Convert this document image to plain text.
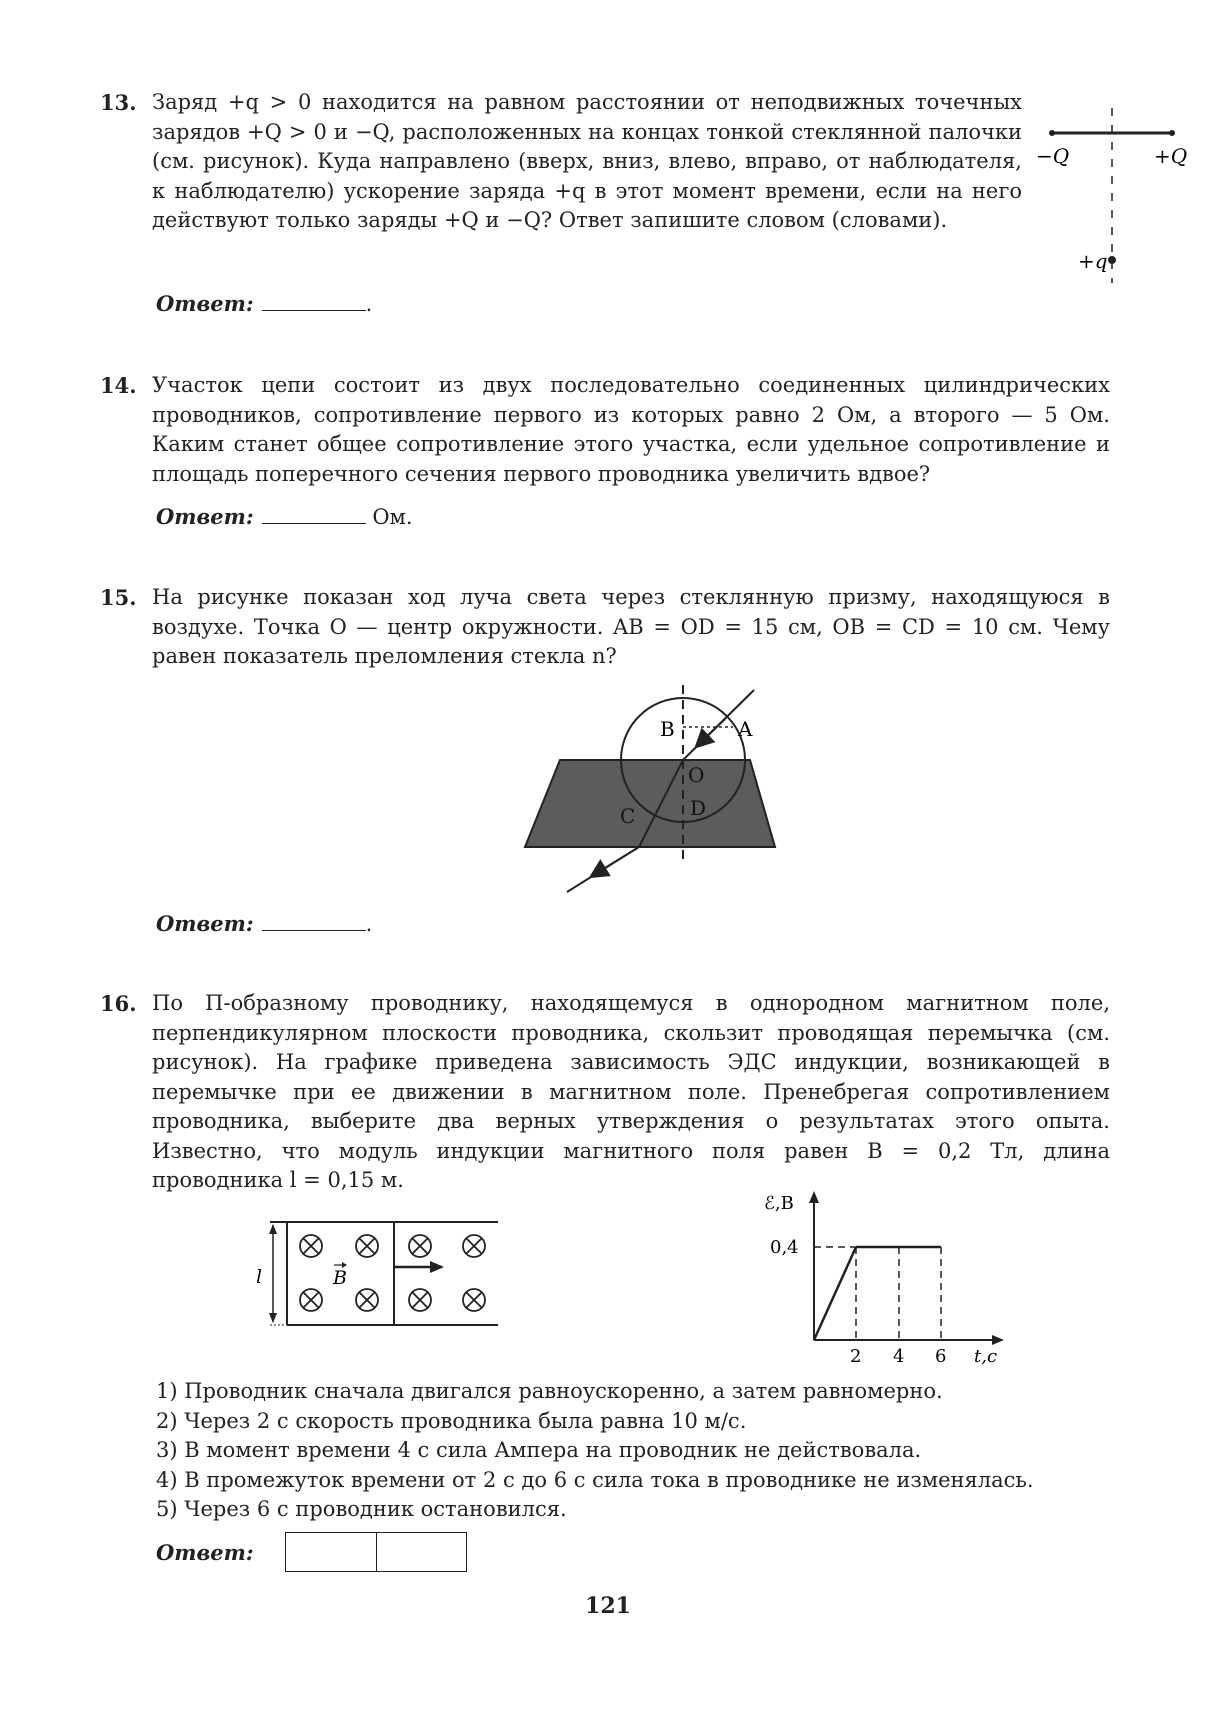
13. Заряд +q > 0 находится на равном расстоянии от неподвижных точечных зарядов +Q > 0 и −Q, расположенных на концах тонкой стеклянной палочки (см. рисунок). Куда направлено (вверх, вниз, влево, вправо, от наблюдателя, к наблюдателю) ускорение заряда +q в этот момент времени, если на него действуют только заряды +Q и −Q? Ответ запишите словом (словами).
−Q	+Q
+q
Ответ:	.
14. Участок цепи состоит из двух последовательно соединенных цилиндрических проводников, сопротивление первого из которых равно 2 Ом, а второго — 5 Ом. Каким станет общее сопротивление этого участка, если удельное сопротивление и площадь поперечного сечения первого проводника увеличить вдвое?
Ответ:	Ом.
15. На рисунке показан ход луча света через стеклянную призму, находящуюся в воздухе. Точка O — центр окружности. AB = OD = 15 см, OB = CD = 10 см. Чему равен показатель преломления стекла n?
B	A
O
C	D
Ответ:	.
16. По П-образному проводнику, находящемуся в однородном магнитном поле, перпендикулярном плоскости проводника, скользит проводящая перемычка (см. рисунок). На графике приведена зависимость ЭДС индукции, возникающей в перемычке при ее движении в магнитном поле. Пренебрегая сопротивлением проводника, выберите два верных утверждения о результатах этого опыта. Известно, что модуль индукции магнитного поля равен B = 0,2 Тл, длина проводника l = 0,15 м.
l	B
ℰ,В
0,4
2 4 6 t,с
1) Проводник сначала двигался равноускоренно, а затем равномерно.
2) Через 2 с скорость проводника была равна 10 м/с.
3) В момент времени 4 с сила Ампера на проводник не действовала.
4) В промежуток времени от 2 с до 6 с сила тока в проводнике не изменялась.
5) Через 6 с проводник остановился.
Ответ:
121
